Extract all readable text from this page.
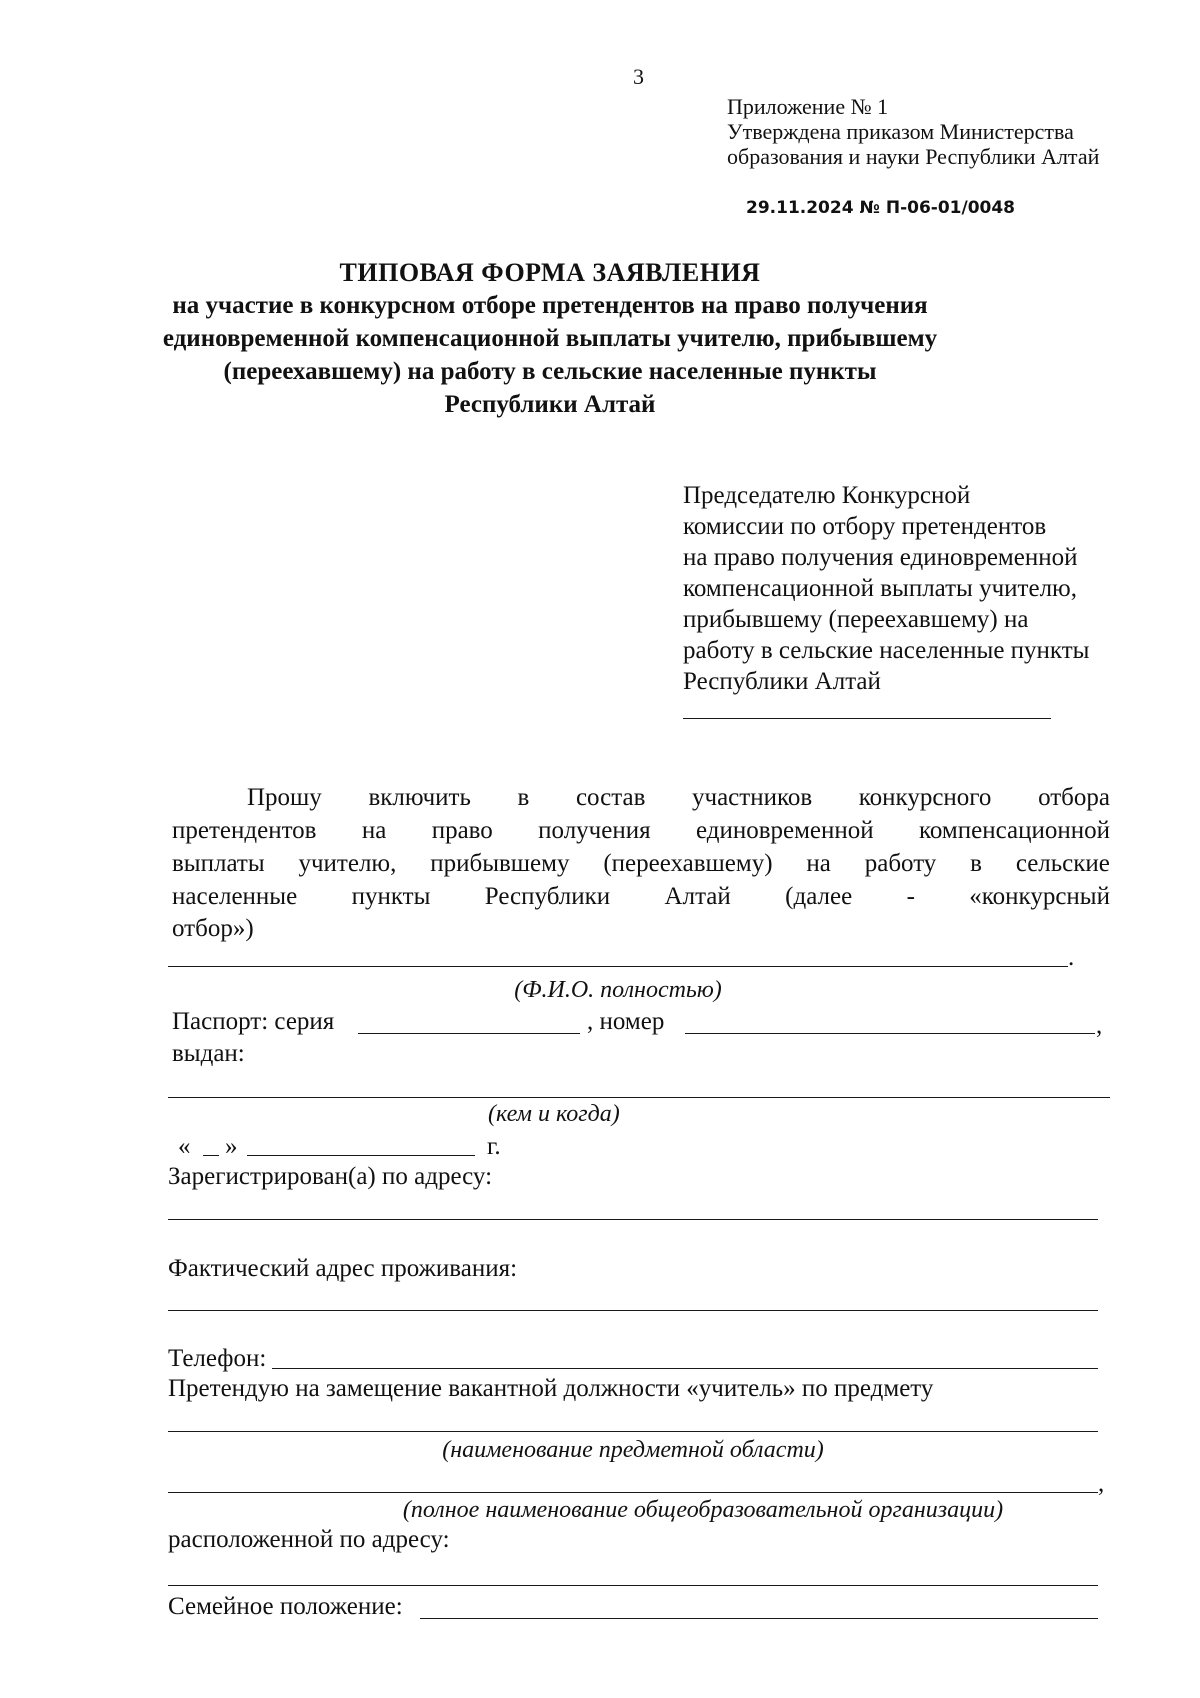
3
Приложение № 1
Утверждена приказом Министерства
образования и науки Республики Алтай
29.11.2024 № П-06-01/0048
ТИПОВАЯ ФОРМА ЗАЯВЛЕНИЯ
на участие в конкурсном отборе претендентов на право получения
единовременной компенсационной выплаты учителю, прибывшему
(переехавшему) на работу в сельские населенные пункты
Республики Алтай
Председателю Конкурсной
комиссии по отбору претендентов
на право получения единовременной
компенсационной выплаты учителю,
прибывшему (переехавшему) на
работу в сельские населенные пункты
Республики Алтай
Прошу включить в состав участников конкурсного отбора
претендентов на право получения единовременной компенсационной
выплаты учителю, прибывшему (переехавшему) на работу в сельские
населенные пункты Республики Алтай (далее - «конкурсный
отбор»)
.
(Ф.И.О. полностью)
Паспорт: серия	, номер	,
выдан:
(кем и когда)
« »	г.
Зарегистрирован(а) по адресу:
Фактический адрес проживания:
Телефон:
Претендую на замещение вакантной должности «учитель» по предмету
(наименование предметной области)
,
(полное наименование общеобразовательной организации)
расположенной по адресу:
Семейное положение:
